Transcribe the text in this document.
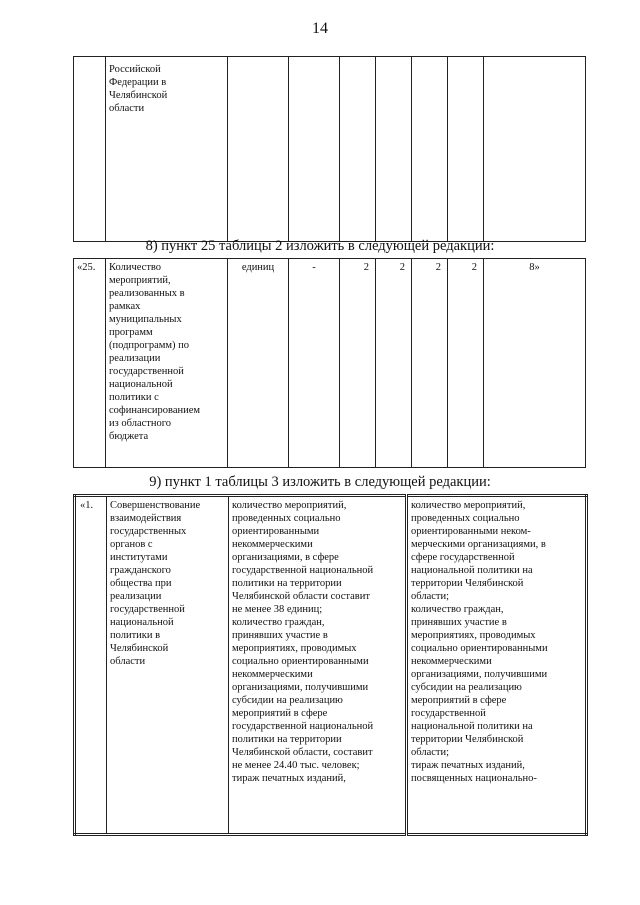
14

Российской
Федерации в
Челябинской
области

8) пункт 25 таблицы 2 изложить в следующей редакции:
«25.	Количество
мероприятий,
реализованных в
рамках
муниципальных
программ
(подпрограмм) по
реализации
государственной
национальной
политики с
софинансированием
из областного
бюджета

единиц	-	2	2	2	2	8»
9) пункт 1 таблицы 3 изложить в следующей редакции:
«1.	Совершенствование
взаимодействия
государственных
органов с
институтами
гражданского
общества при
реализации
государственной
национальной
политики в
Челябинской
области

количество мероприятий,
проведенных социально
ориентированными
некоммерческими
организациями, в сфере
государственной национальной
политики на территории
Челябинской области составит
не менее 38 единиц;
количество граждан,
принявших участие в
мероприятиях, проводимых
социально ориентированными
некоммерческими
организациями, получившими
субсидии на реализацию
мероприятий в сфере
государственной национальной
политики на территории
Челябинской области, составит
не менее 24.40 тыс. человек;
тираж печатных изданий,

количество мероприятий,
проведенных социально
ориентированными неком-
мерческими организациями, в
сфере государственной
национальной политики на
территории Челябинской
области;
количество граждан,
принявших участие в
мероприятиях, проводимых
социально ориентированными
некоммерческими
организациями, получившими
субсидии на реализацию
мероприятий в сфере
государственной
национальной политики на
территории Челябинской
области;
тираж печатных изданий,
посвященных национально-
